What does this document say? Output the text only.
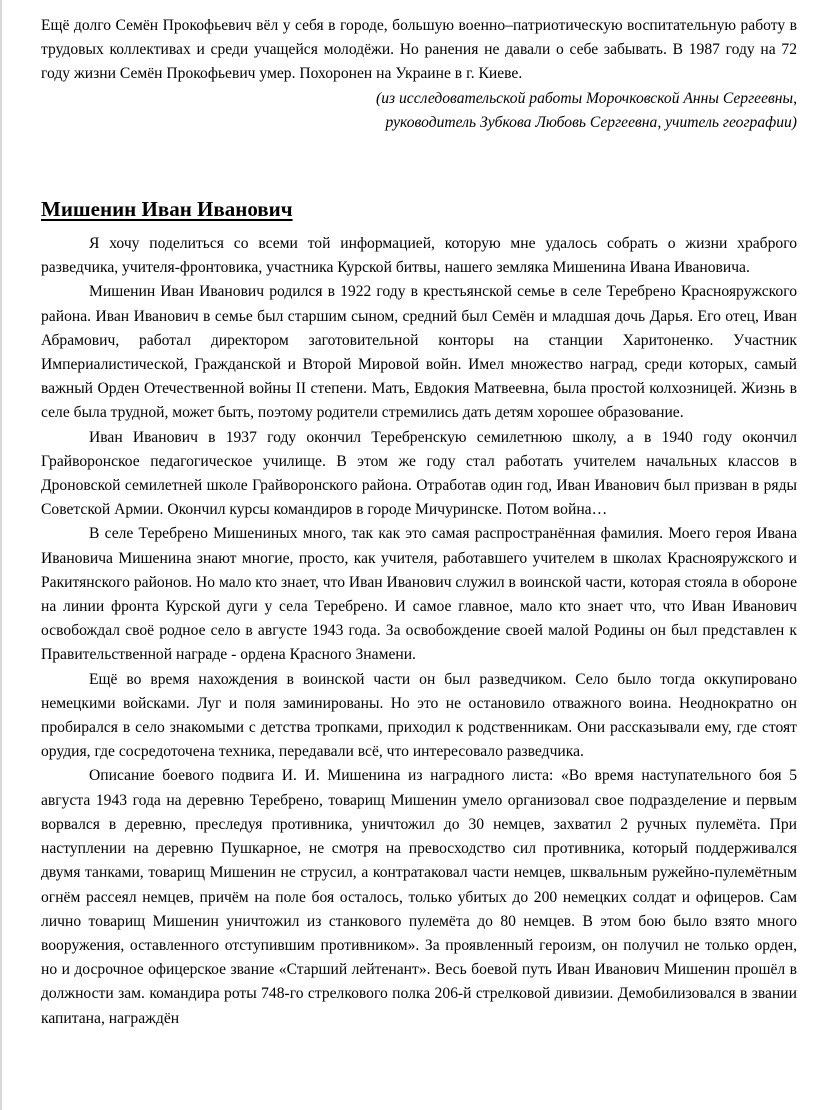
Ещё долго Семён Прокофьевич вёл у себя в городе, большую военно–патриотическую воспитательную работу в трудовых коллективах и среди учащейся молодёжи. Но ранения не давали о себе забывать. В 1987 году на 72 году жизни Семён Прокофьевич умер. Похоронен на Украине в г. Киеве.

(из исследовательской работы Морочковской Анны Сергеевны,

руководитель Зубкова Любовь Сергеевна, учитель географии)

Мишенин Иван Иванович

Я хочу поделиться со всеми той информацией, которую мне удалось собрать о жизни храброго разведчика, учителя-фронтовика, участника Курской битвы, нашего земляка Мишенина Ивана Ивановича.

Мишенин Иван Иванович родился в 1922 году в крестьянской семье в селе Теребрено Краснояружского района. Иван Иванович в семье был старшим сыном, средний был Семён и младшая дочь Дарья. Его отец, Иван Абрамович, работал директором заготовительной конторы на станции Харитоненко. Участник Империалистической, Гражданской и Второй Мировой войн. Имел множество наград, среди которых, самый важный Орден Отечественной войны II степени. Мать, Евдокия Матвеевна, была простой колхозницей. Жизнь в селе была трудной, может быть, поэтому родители стремились дать детям хорошее образование.

Иван Иванович в 1937 году окончил Теребренскую семилетнюю школу, а в 1940 году окончил Грайворонское педагогическое училище. В этом же году стал работать учителем начальных классов в Дроновской семилетней школе Грайворонского района. Отработав один год, Иван Иванович был призван в ряды Советской Армии. Окончил курсы командиров в городе Мичуринске. Потом война…

В селе Теребрено Мишениных много, так как это самая распространённая фамилия. Моего героя Ивана Ивановича Мишенина знают многие, просто, как учителя, работавшего учителем в школах Краснояружского и Ракитянского районов. Но мало кто знает, что Иван Иванович служил в воинской части, которая стояла в обороне на линии фронта Курской дуги у села Теребрено. И самое главное, мало кто знает что, что Иван Иванович освобождал своё родное село в августе 1943 года. За освобождение своей малой Родины он был представлен к Правительственной награде - ордена Красного Знамени.

Ещё во время нахождения в воинской части он был разведчиком. Село было тогда оккупировано немецкими войсками. Луг и поля заминированы. Но это не остановило отважного воина. Неоднократно он пробирался в село знакомыми с детства тропками, приходил к родственникам. Они рассказывали ему, где стоят орудия, где сосредоточена техника, передавали всё, что интересовало разведчика.

Описание боевого подвига И. И. Мишенина из наградного листа: «Во время наступательного боя 5 августа 1943 года на деревню Теребрено, товарищ Мишенин умело организовал свое подразделение и первым ворвался в деревню, преследуя противника, уничтожил до 30 немцев, захватил 2 ручных пулемёта. При наступлении на деревню Пушкарное, не смотря на превосходство сил противника, который поддерживался двумя танками, товарищ Мишенин не струсил, а контратаковал части немцев, шквальным ружейно-пулемётным огнём рассеял немцев, причём на поле боя осталось, только убитых до 200 немецких солдат и офицеров. Сам лично товарищ Мишенин уничтожил из станкового пулемёта до 80 немцев. В этом бою было взято много вооружения, оставленного отступившим противником». За проявленный героизм, он получил не только орден, но и досрочное офицерское звание «Старший лейтенант». Весь боевой путь Иван Иванович Мишенин прошёл в должности зам. командира роты 748-го стрелкового полка 206-й стрелковой дивизии. Демобилизовался в звании капитана, награждён
